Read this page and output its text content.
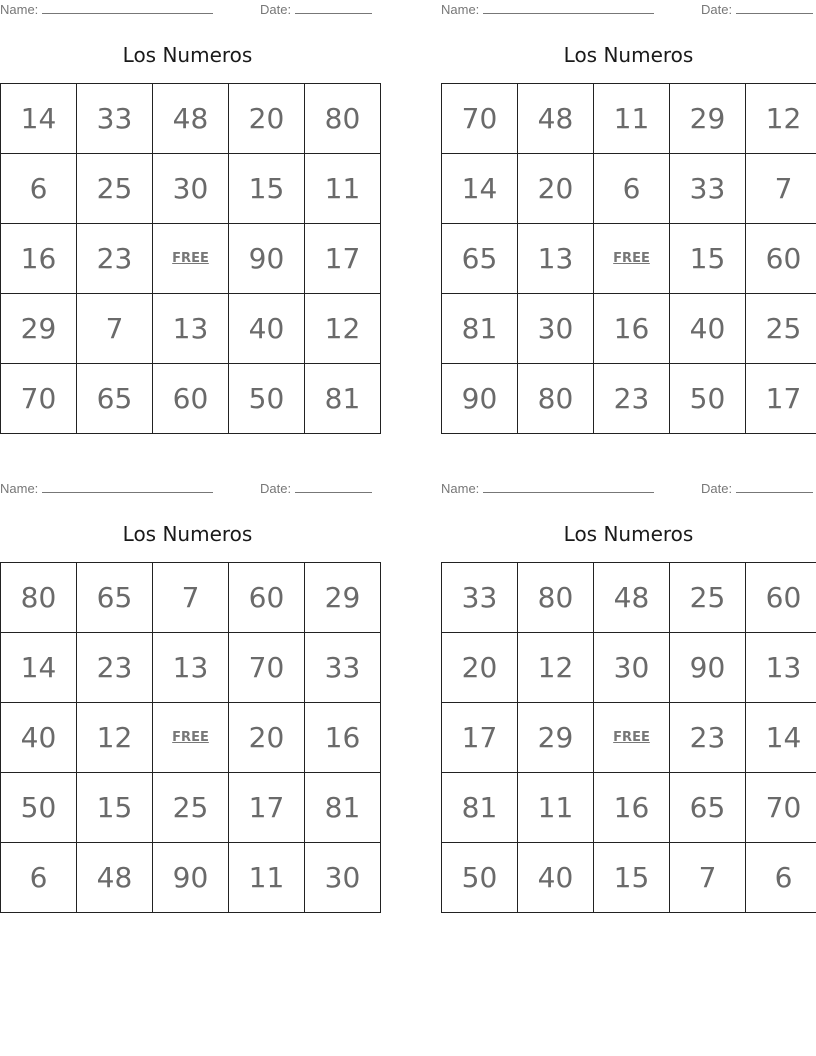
Name:	Date:
Los Numeros
14	33	48	20	80
6	25	30	15	11
16	23	FREE	90	17
29	7	13	40	12
70	65	60	50	81
Name:	Date:
Los Numeros
70	48	11	29	12
14	20	6	33	7
65	13	FREE	15	60
81	30	16	40	25
90	80	23	50	17
Name:	Date:
Los Numeros
80	65	7	60	29
14	23	13	70	33
40	12	FREE	20	16
50	15	25	17	81
6	48	90	11	30
Name:	Date:
Los Numeros
33	80	48	25	60
20	12	30	90	13
17	29	FREE	23	14
81	11	16	65	70
50	40	15	7	6
